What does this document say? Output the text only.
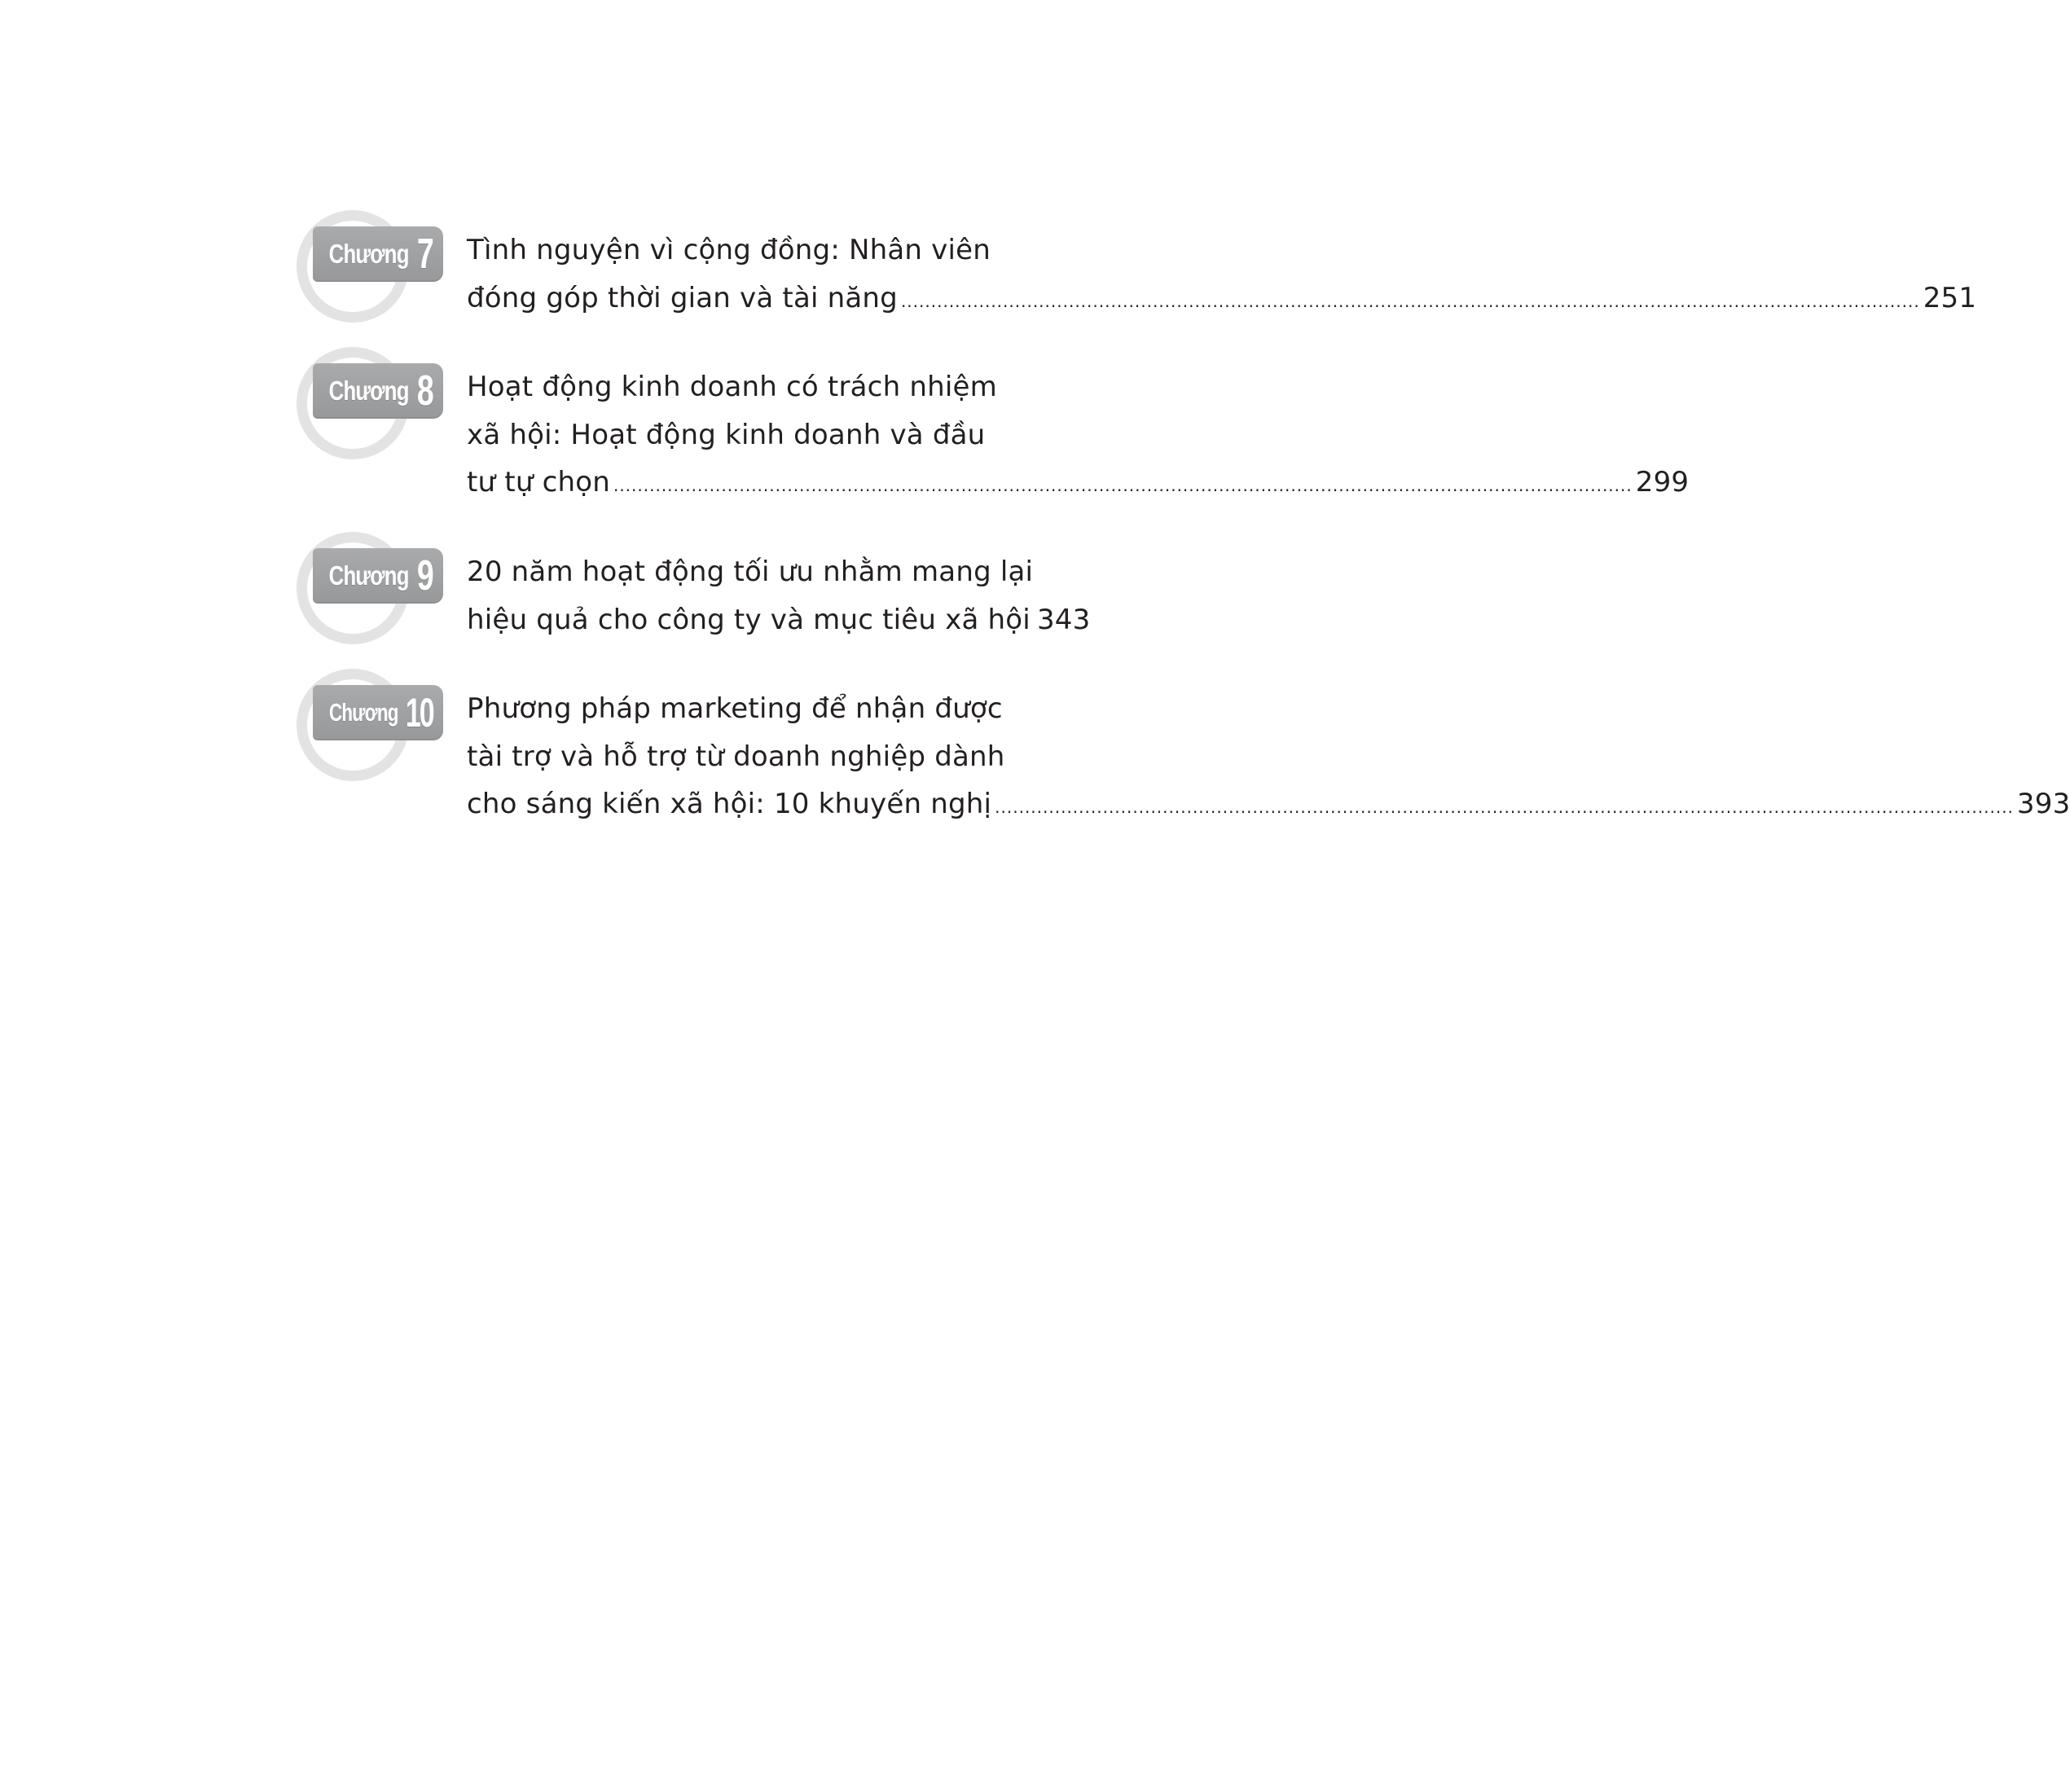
Chương 7 Tình nguyện vì cộng đồng: Nhân viên
đóng góp thời gian và tài năng .......................................................................................................................................................................... 251
Chương 8 Hoạt động kinh doanh có trách nhiệm
xã hội: Hoạt động kinh doanh và đầu
tư tự chọn .......................................................................................................................................................................... 299
Chương 9 20 năm hoạt động tối ưu nhằm mang lại
hiệu quả cho công ty và mục tiêu xã hội 343
Chương 10 Phương pháp marketing để nhận được
tài trợ và hỗ trợ từ doanh nghiệp dành
cho sáng kiến xã hội: 10 khuyến nghị .......................................................................................................................................................................... 393
